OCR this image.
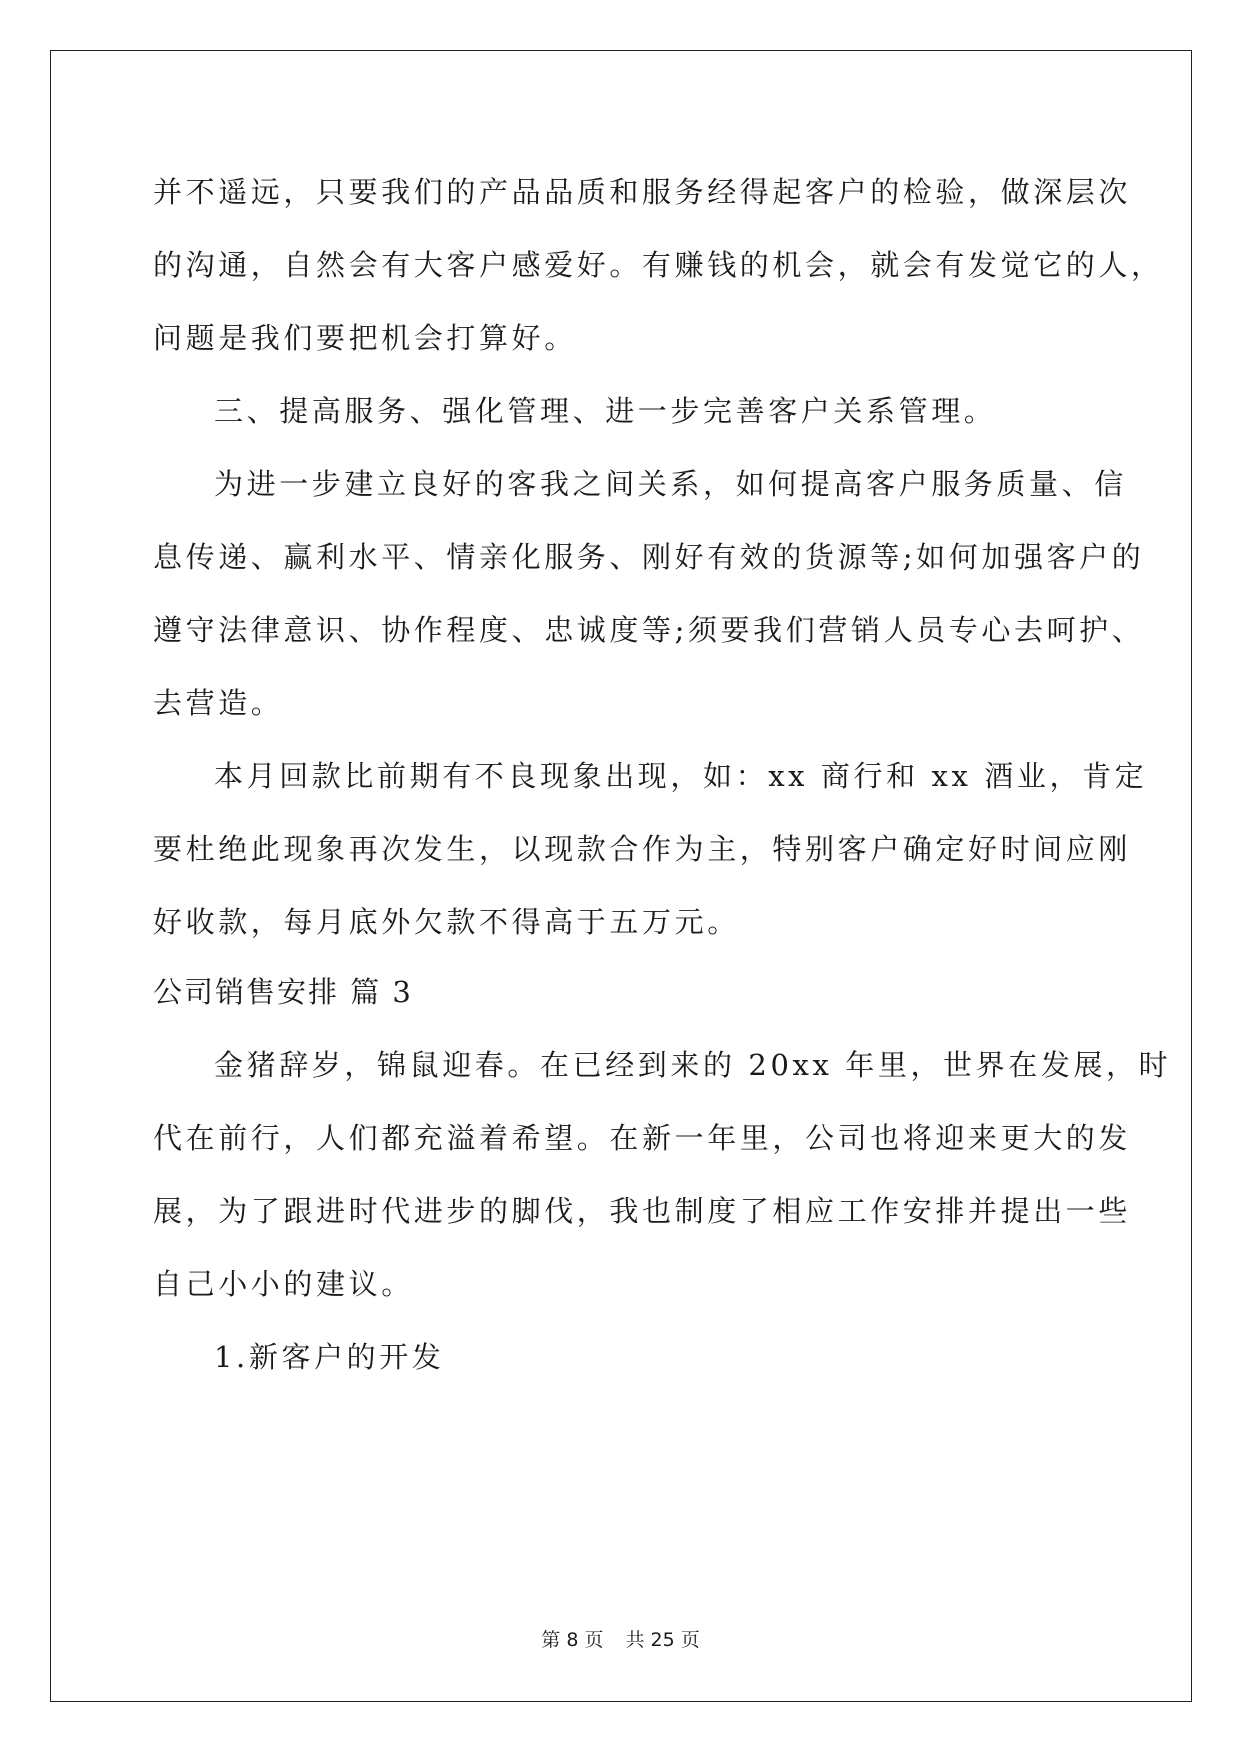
并不遥远，只要我们的产品品质和服务经得起客户的检验，做深层次
的沟通，自然会有大客户感爱好。有赚钱的机会，就会有发觉它的人，
问题是我们要把机会打算好。
三、提高服务、强化管理、进一步完善客户关系管理。
为进一步建立良好的客我之间关系，如何提高客户服务质量、信
息传递、赢利水平、情亲化服务、刚好有效的货源等;如何加强客户的
遵守法律意识、协作程度、忠诚度等;须要我们营销人员专心去呵护、
去营造。
本月回款比前期有不良现象出现，如：xx 商行和 xx 酒业，肯定
要杜绝此现象再次发生，以现款合作为主，特别客户确定好时间应刚
好收款，每月底外欠款不得高于五万元。
公司销售安排 篇 3
金猪辞岁，锦鼠迎春。在已经到来的 20xx 年里，世界在发展，时
代在前行，人们都充溢着希望。在新一年里，公司也将迎来更大的发
展，为了跟进时代进步的脚伐，我也制度了相应工作安排并提出一些
自己小小的建议。
1.新客户的开发
第 8 页 共 25 页
